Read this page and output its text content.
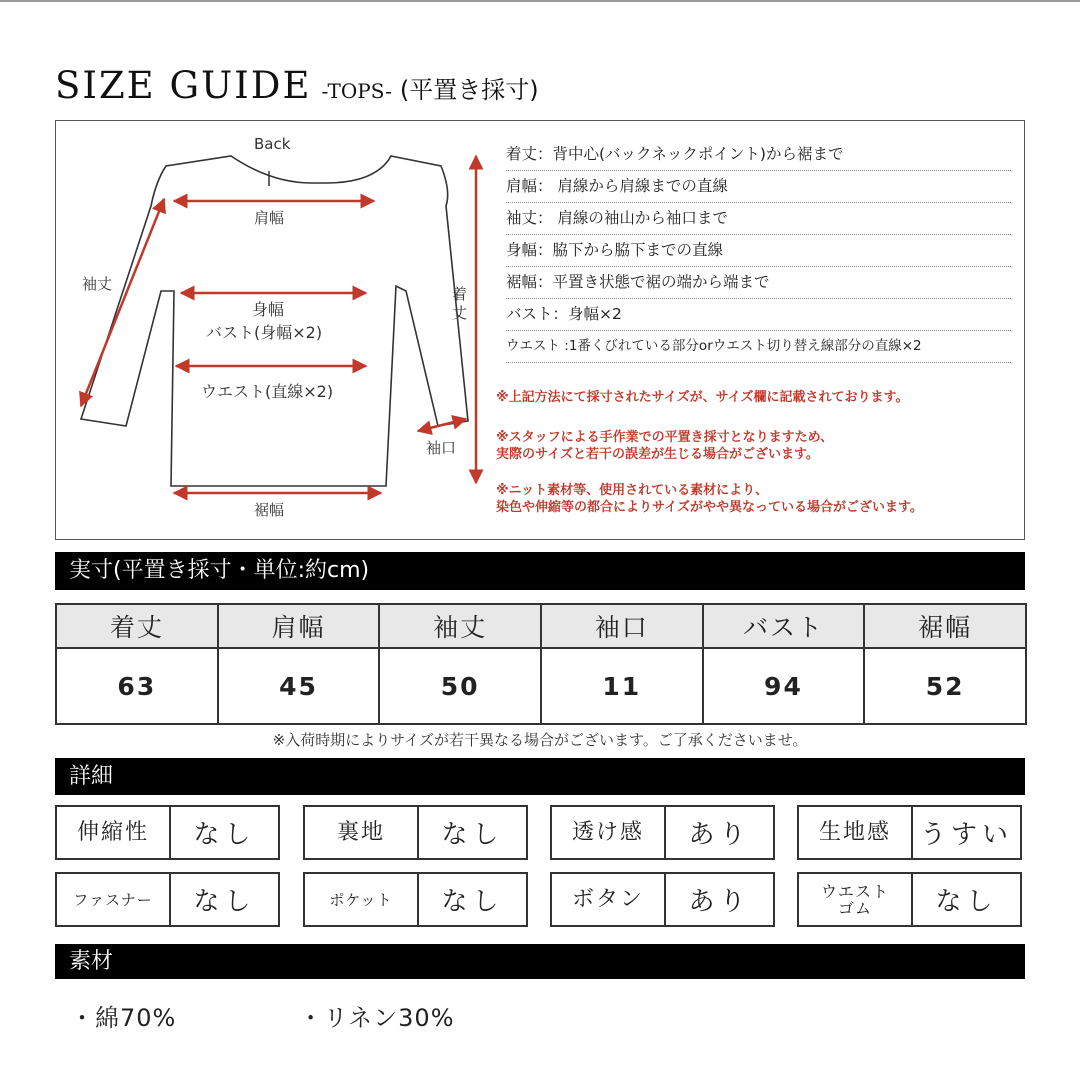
SIZE GUIDE -TOPS- (平置き採寸)
Back
肩幅
袖丈
身幅
バスト(身幅×2)
ウエスト(直線×2)
着
丈
袖口
裾幅
着丈：背中心(バックネックポイント)から裾まで
肩幅： 肩線から肩線までの直線
袖丈： 肩線の袖山から袖口まで
身幅：脇下から脇下までの直線
裾幅：平置き状態で裾の端から端まで
バスト：身幅×2
ウエスト :1番くびれている部分orウエスト切り替え線部分の直線×2
※上記方法にて採寸されたサイズが、サイズ欄に記載されております。
※スタッフによる手作業での平置き採寸となりますため、
実際のサイズと若干の誤差が生じる場合がございます。
※ニット素材等、使用されている素材により、
染色や伸縮等の都合によりサイズがやや異なっている場合がございます。
実寸(平置き採寸・単位:約cm)
着丈	肩幅	袖丈	袖口	バスト	裾幅
63	45	50	11	94	52
※入荷時期によりサイズが若干異なる場合がございます。ご了承くださいませ。
詳細
伸縮性	なし	裏地	なし	透け感	あり	生地感	うすい
ファスナー	なし	ポケット	なし	ボタン	あり	ウエスト
ゴム	なし
素材
・綿70%	・リネン30%
